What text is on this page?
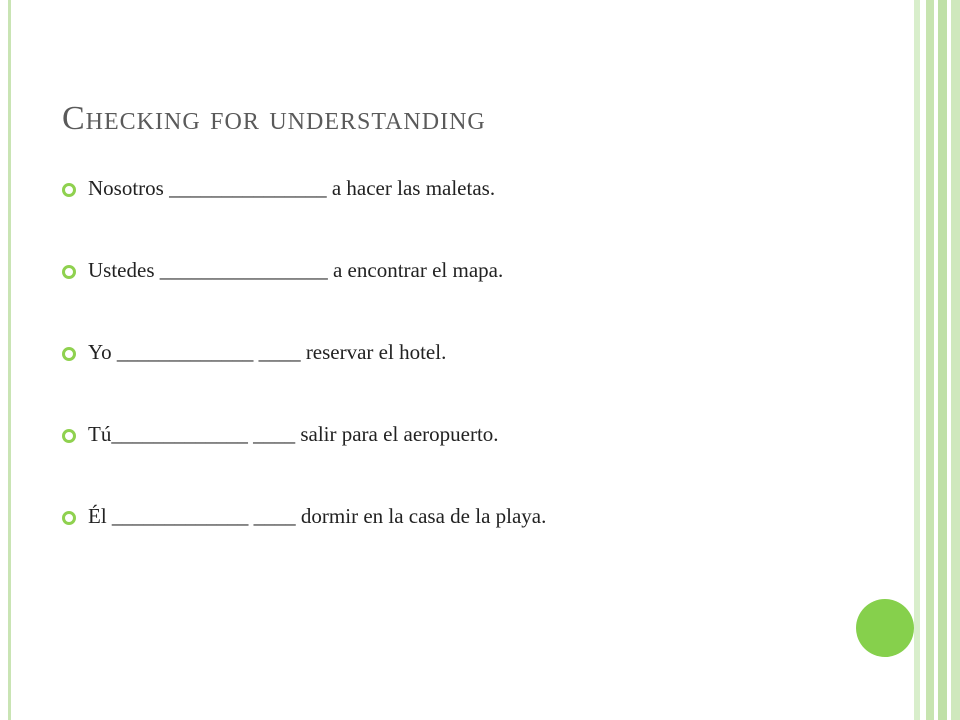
Checking for understanding
Nosotros _______________ a hacer las maletas.
Ustedes ________________ a encontrar el mapa.
Yo _____________ ____ reservar el hotel.
Tú_____________ ____ salir para el aeropuerto.
Él _____________ ____ dormir en la casa de la playa.
